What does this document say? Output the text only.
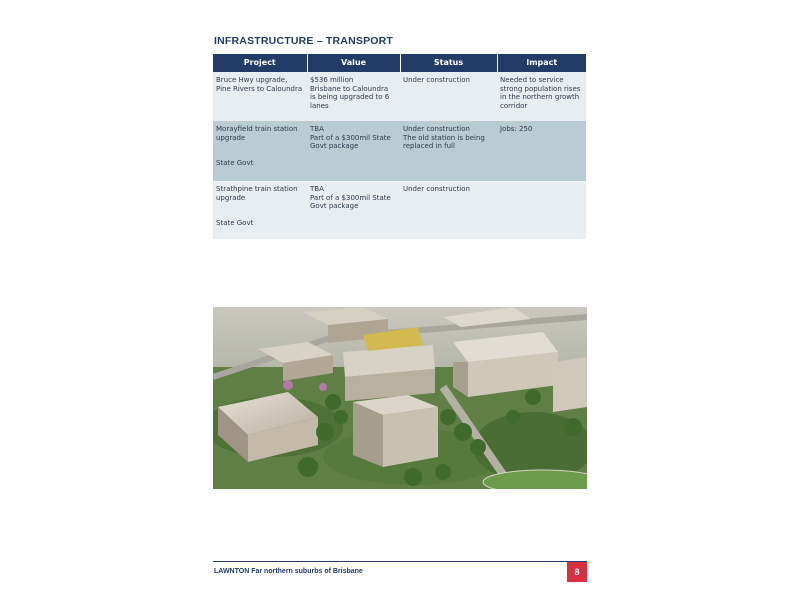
INFRASTRUCTURE – TRANSPORT
Project	Value	Status	Impact

Bruce Hwy upgrade,
Pine Rivers to Caloundra	$536 million
Brisbane to Caloundra
is being upgraded to 6
lanes	Under construction	Needed to service
strong population rises
in the northern growth
corridor

Morayfield train station
upgrade
State Govt	TBA
Part of a $300mil State
Govt package	Under construction
The old station is being
replaced in full	Jobs: 250

Strathpine train station
upgrade
State Govt	TBA
Part of a $300mil State
Govt package	Under construction	

LAWNTON Far northern suburbs of Brisbane	8
